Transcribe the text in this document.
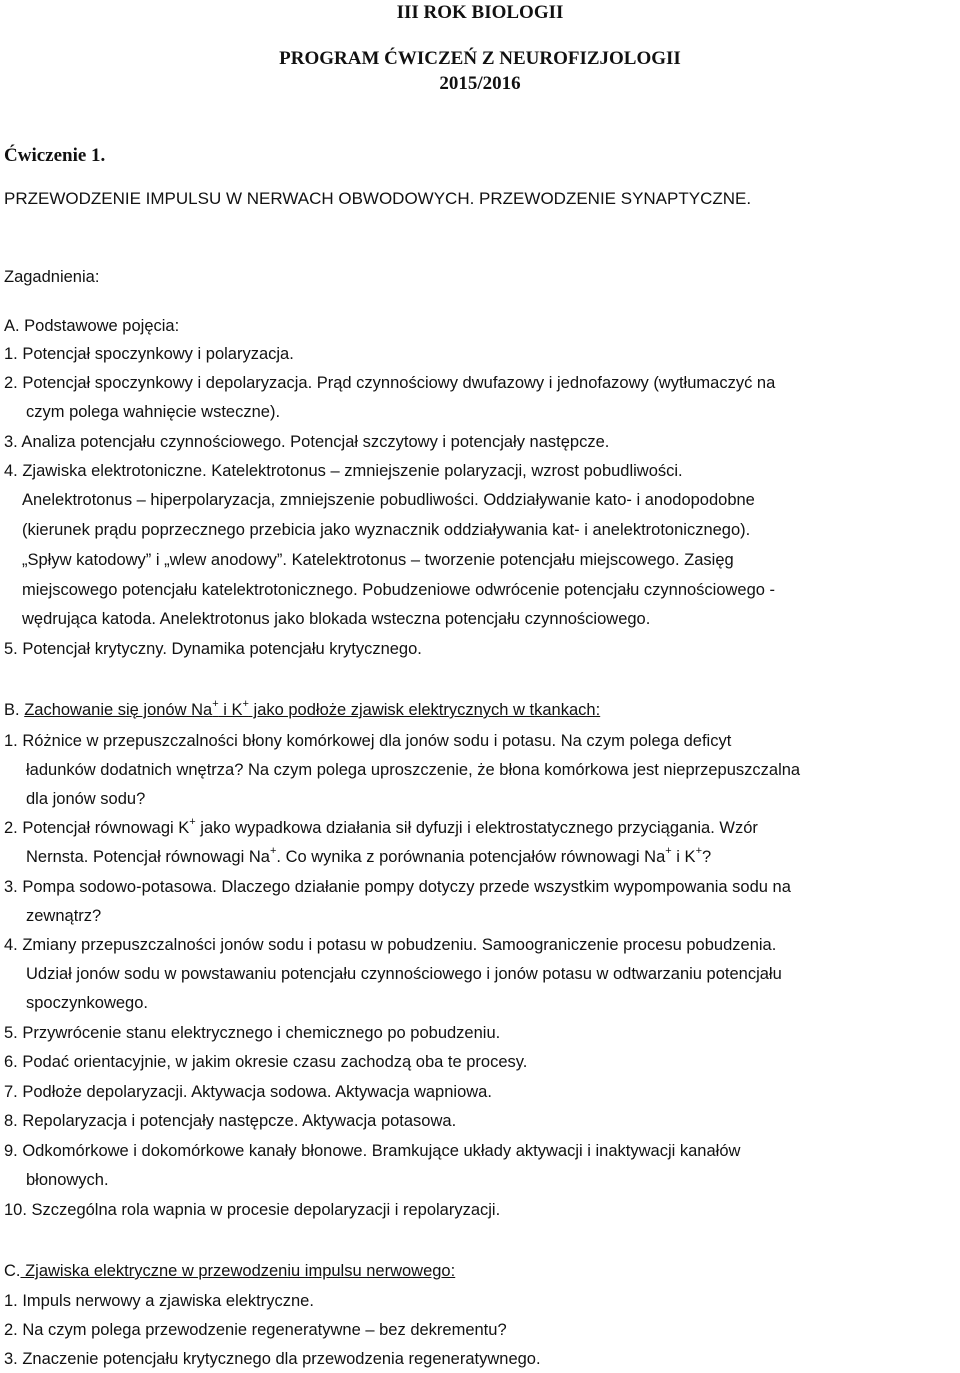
III ROK BIOLOGII
PROGRAM ĆWICZEŃ Z NEUROFIZJOLOGII
2015/2016
Ćwiczenie 1.
PRZEWODZENIE IMPULSU W NERWACH OBWODOWYCH. PRZEWODZENIE SYNAPTYCZNE.
Zagadnienia:
A. Podstawowe pojęcia:
1. Potencjał spoczynkowy i polaryzacja.
2. Potencjał spoczynkowy i depolaryzacja. Prąd czynnościowy dwufazowy i jednofazowy (wytłumaczyć na
czym polega wahnięcie wsteczne).
3. Analiza potencjału czynnościowego. Potencjał szczytowy i potencjały następcze.
4. Zjawiska elektrotoniczne. Katelektrotonus – zmniejszenie polaryzacji, wzrost pobudliwości.
Anelektrotonus – hiperpolaryzacja, zmniejszenie pobudliwości. Oddziaływanie kato- i anodopodobne
(kierunek prądu poprzecznego przebicia jako wyznacznik oddziaływania kat- i anelektrotonicznego).
„Spływ katodowy” i „wlew anodowy”. Katelektrotonus – tworzenie potencjału miejscowego. Zasięg
miejscowego potencjału katelektrotonicznego. Pobudzeniowe odwrócenie potencjału czynnościowego -
wędrująca katoda. Anelektrotonus jako blokada wsteczna potencjału czynnościowego.
5. Potencjał krytyczny. Dynamika potencjału krytycznego.
B. Zachowanie się jonów Na+ i K+ jako podłoże zjawisk elektrycznych w tkankach:
1. Różnice w przepuszczalności błony komórkowej dla jonów sodu i potasu. Na czym polega deficyt
ładunków dodatnich wnętrza? Na czym polega uproszczenie, że błona komórkowa jest nieprzepuszczalna
dla jonów sodu?
2. Potencjał równowagi K+ jako wypadkowa działania sił dyfuzji i elektrostatycznego przyciągania. Wzór
Nernsta. Potencjał równowagi Na+. Co wynika z porównania potencjałów równowagi Na+ i K+?
3. Pompa sodowo-potasowa. Dlaczego działanie pompy dotyczy przede wszystkim wypompowania sodu na
zewnątrz?
4. Zmiany przepuszczalności jonów sodu i potasu w pobudzeniu. Samoograniczenie procesu pobudzenia.
Udział jonów sodu w powstawaniu potencjału czynnościowego i jonów potasu w odtwarzaniu potencjału
spoczynkowego.
5. Przywrócenie stanu elektrycznego i chemicznego po pobudzeniu.
6. Podać orientacyjnie, w jakim okresie czasu zachodzą oba te procesy.
7. Podłoże depolaryzacji. Aktywacja sodowa. Aktywacja wapniowa.
8. Repolaryzacja i potencjały następcze. Aktywacja potasowa.
9. Odkomórkowe i dokomórkowe kanały błonowe. Bramkujące układy aktywacji i inaktywacji kanałów
błonowych.
10. Szczególna rola wapnia w procesie depolaryzacji i repolaryzacji.
C. Zjawiska elektryczne w przewodzeniu impulsu nerwowego:
1. Impuls nerwowy a zjawiska elektryczne.
2. Na czym polega przewodzenie regeneratywne – bez dekrementu?
3. Znaczenie potencjału krytycznego dla przewodzenia regeneratywnego.
